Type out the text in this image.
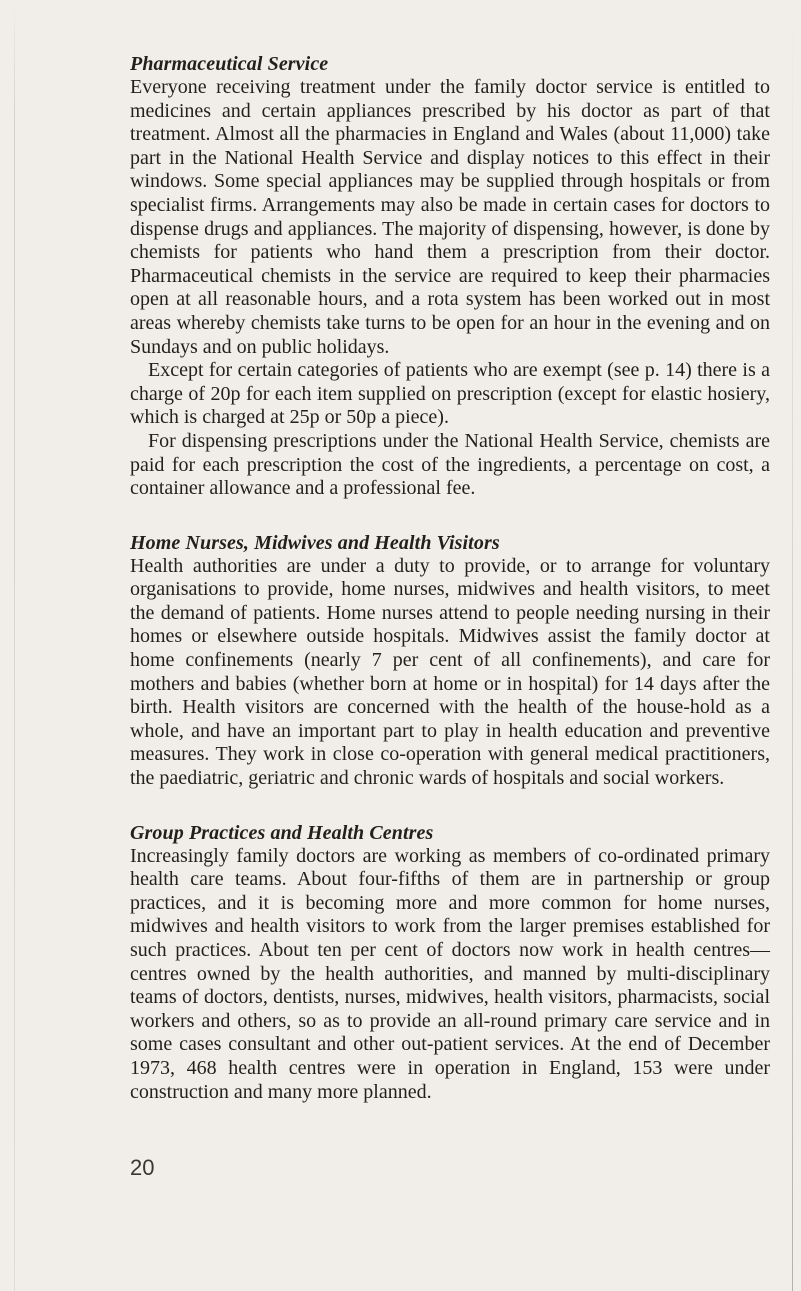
Pharmaceutical Service

Everyone receiving treatment under the family doctor service is entitled to medicines and certain appliances prescribed by his doctor as part of that treatment. Almost all the pharmacies in England and Wales (about 11,000) take part in the National Health Service and display notices to this effect in their windows. Some special appliances may be supplied through hospitals or from specialist firms. Arrangements may also be made in certain cases for doctors to dispense drugs and appliances. The majority of dispensing, however, is done by chemists for patients who hand them a prescription from their doctor. Pharmaceutical chemists in the service are required to keep their pharmacies open at all reasonable hours, and a rota system has been worked out in most areas whereby chemists take turns to be open for an hour in the evening and on Sundays and on public holidays.

Except for certain categories of patients who are exempt (see p. 14) there is a charge of 20p for each item supplied on prescription (except for elastic hosiery, which is charged at 25p or 50p a piece).

For dispensing prescriptions under the National Health Service, chemists are paid for each prescription the cost of the ingredients, a percentage on cost, a container allowance and a professional fee.

Home Nurses, Midwives and Health Visitors

Health authorities are under a duty to provide, or to arrange for voluntary organisations to provide, home nurses, midwives and health visitors, to meet the demand of patients. Home nurses attend to people needing nursing in their homes or elsewhere outside hospitals. Midwives assist the family doctor at home confinements (nearly 7 per cent of all confinements), and care for mothers and babies (whether born at home or in hospital) for 14 days after the birth. Health visitors are concerned with the health of the house-hold as a whole, and have an important part to play in health education and preventive measures. They work in close co-operation with general medical practitioners, the paediatric, geriatric and chronic wards of hospitals and social workers.

Group Practices and Health Centres

Increasingly family doctors are working as members of co-ordinated primary health care teams. About four-fifths of them are in partnership or group practices, and it is becoming more and more common for home nurses, midwives and health visitors to work from the larger premises established for such practices. About ten per cent of doctors now work in health centres—centres owned by the health authorities, and manned by multi-disciplinary teams of doctors, dentists, nurses, midwives, health visitors, pharmacists, social workers and others, so as to provide an all-round primary care service and in some cases consultant and other out-patient services. At the end of December 1973, 468 health centres were in operation in England, 153 were under construction and many more planned.

20
